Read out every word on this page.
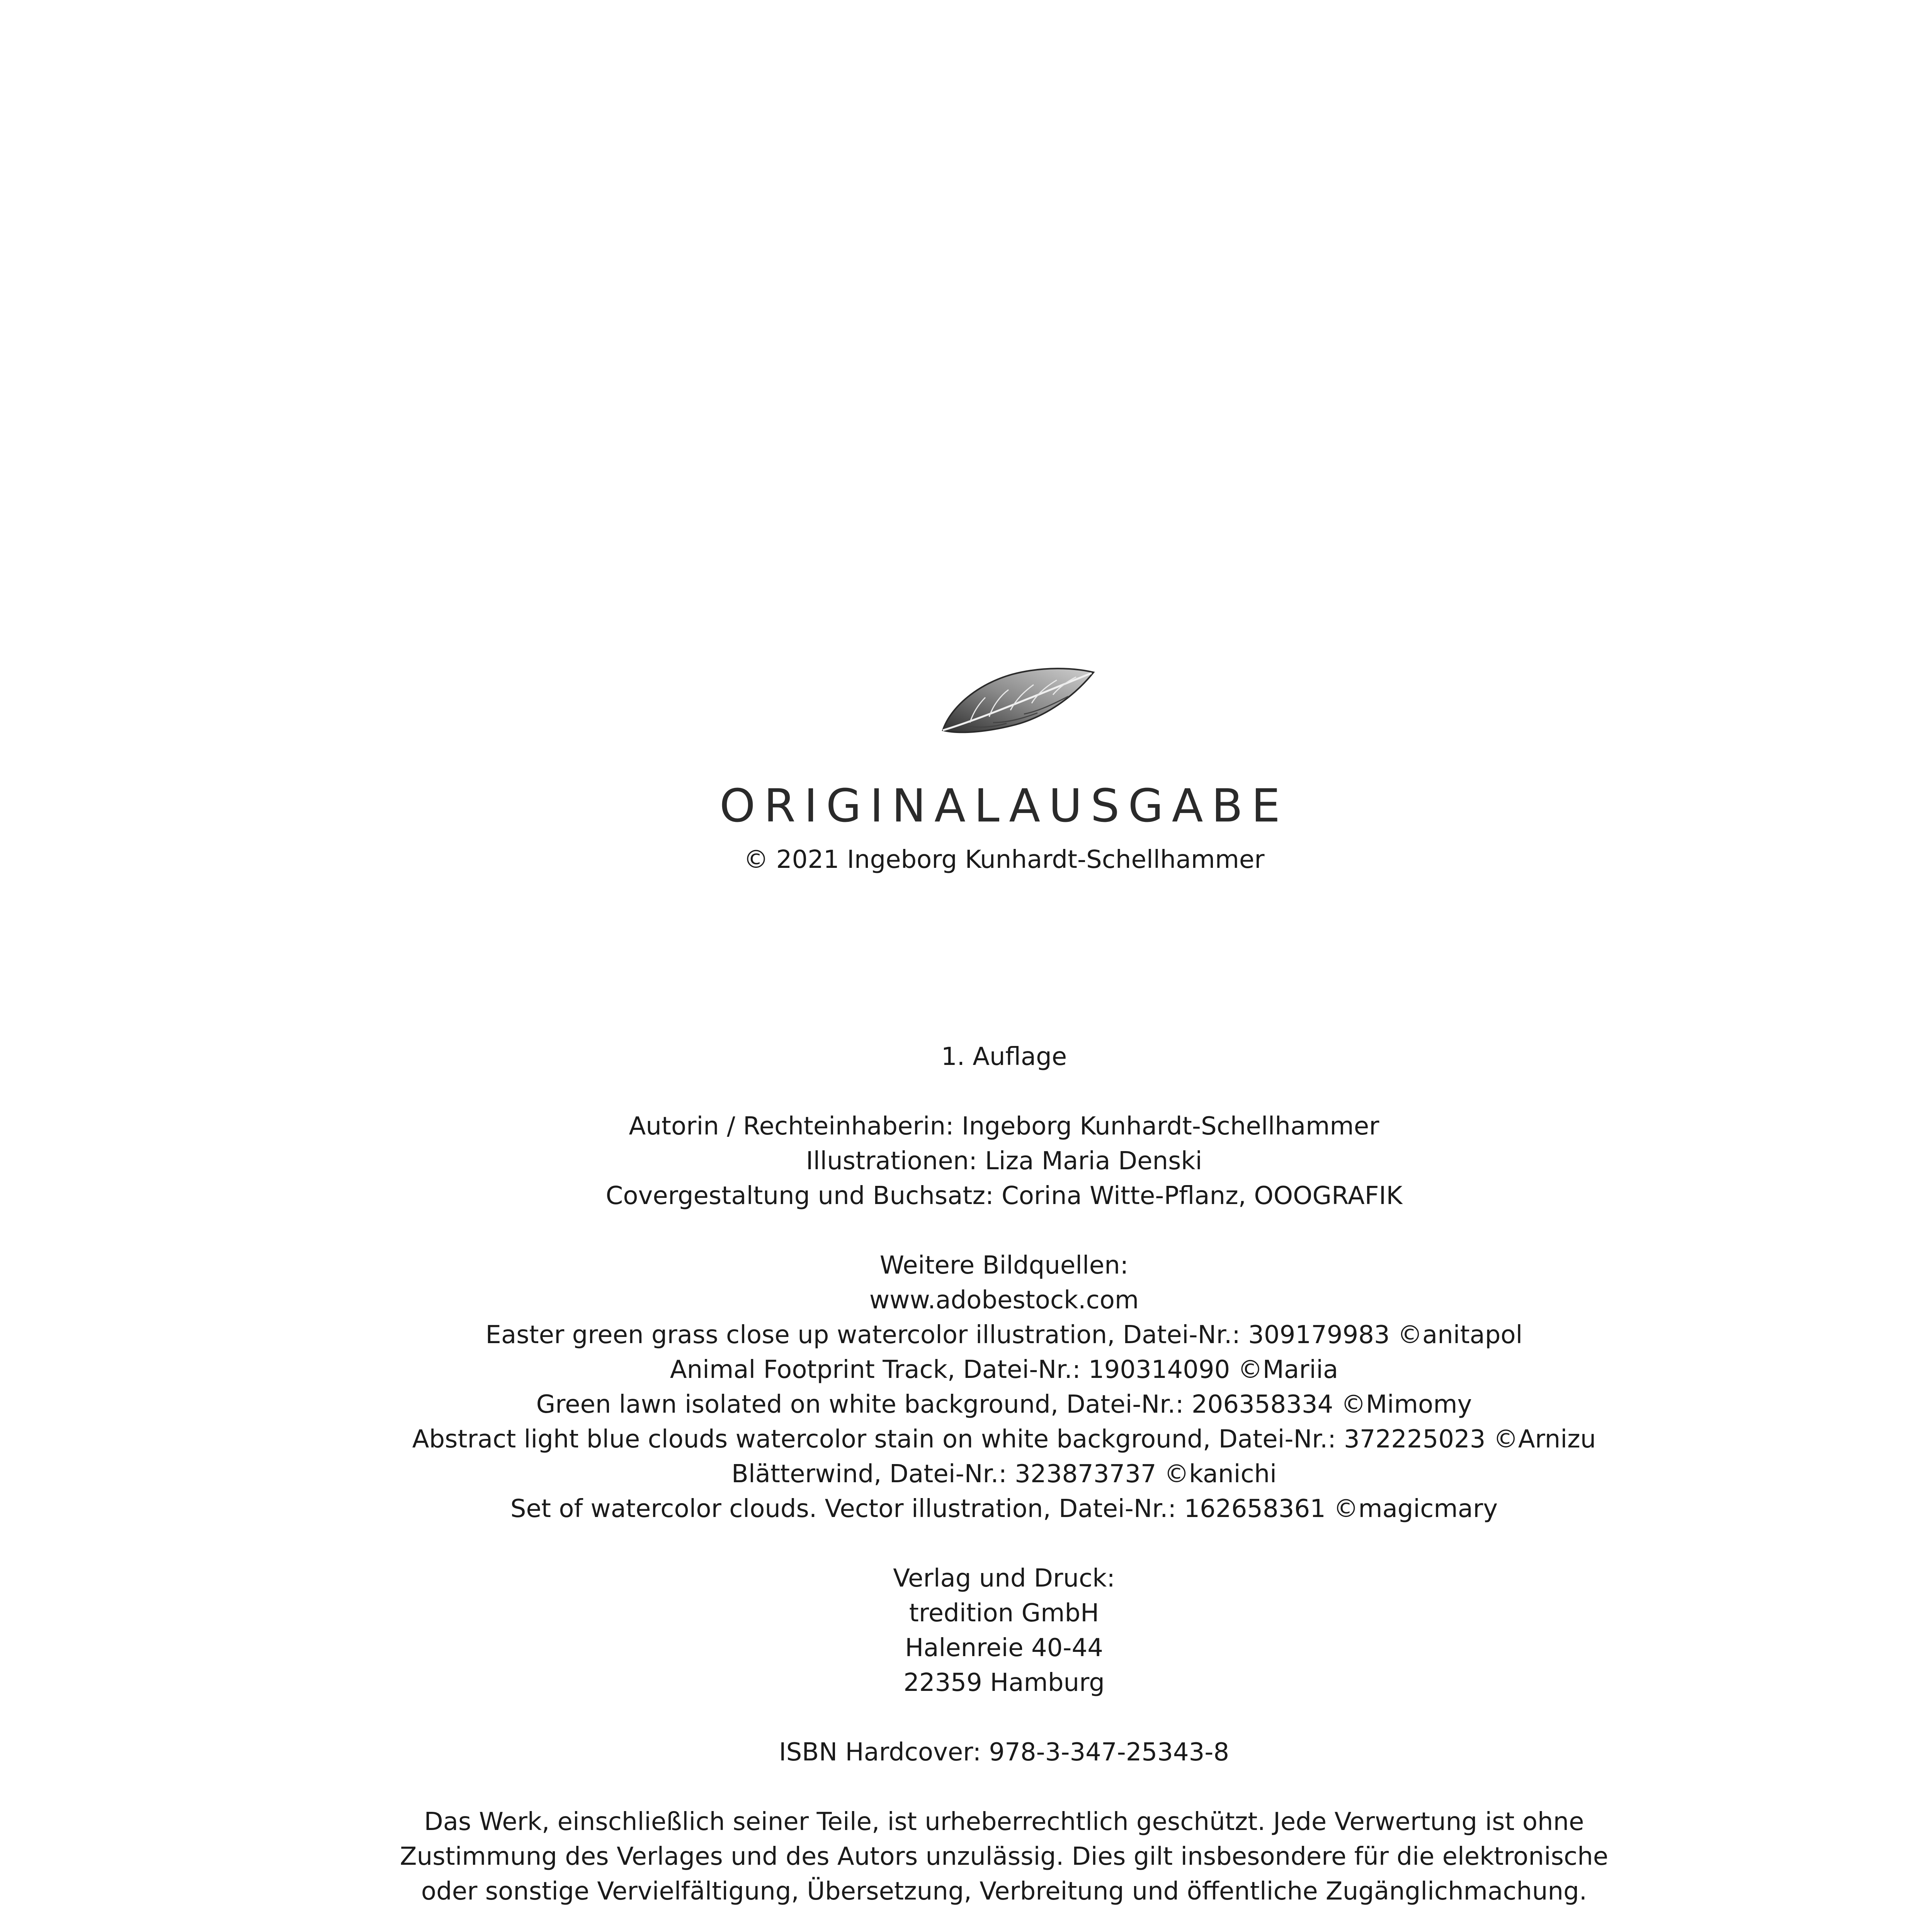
ORIGINALAUSGABE
© 2021 Ingeborg Kunhardt-Schellhammer
1. Auflage
Autorin / Rechteinhaberin: Ingeborg Kunhardt-Schellhammer
Illustrationen: Liza Maria Denski
Covergestaltung und Buchsatz: Corina Witte-Pflanz, OOOGRAFIK
Weitere Bildquellen:
www.adobestock.com
Easter green grass close up watercolor illustration, Datei-Nr.: 309179983 ©anitapol
Animal Footprint Track, Datei-Nr.: 190314090 ©Mariia
Green lawn isolated on white background, Datei-Nr.: 206358334 ©Mimomy
Abstract light blue clouds watercolor stain on white background, Datei-Nr.: 372225023 ©Arnizu
Blätterwind, Datei-Nr.: 323873737 ©kanichi
Set of watercolor clouds. Vector illustration, Datei-Nr.: 162658361 ©magicmary
Verlag und Druck:
tredition GmbH
Halenreie 40-44
22359 Hamburg
ISBN Hardcover: 978-3-347-25343-8
Das Werk, einschließlich seiner Teile, ist urheberrechtlich geschützt. Jede Verwertung ist ohne
Zustimmung des Verlages und des Autors unzulässig. Dies gilt insbesondere für die elektronische
oder sonstige Vervielfältigung, Übersetzung, Verbreitung und öffentliche Zugänglichmachung.
